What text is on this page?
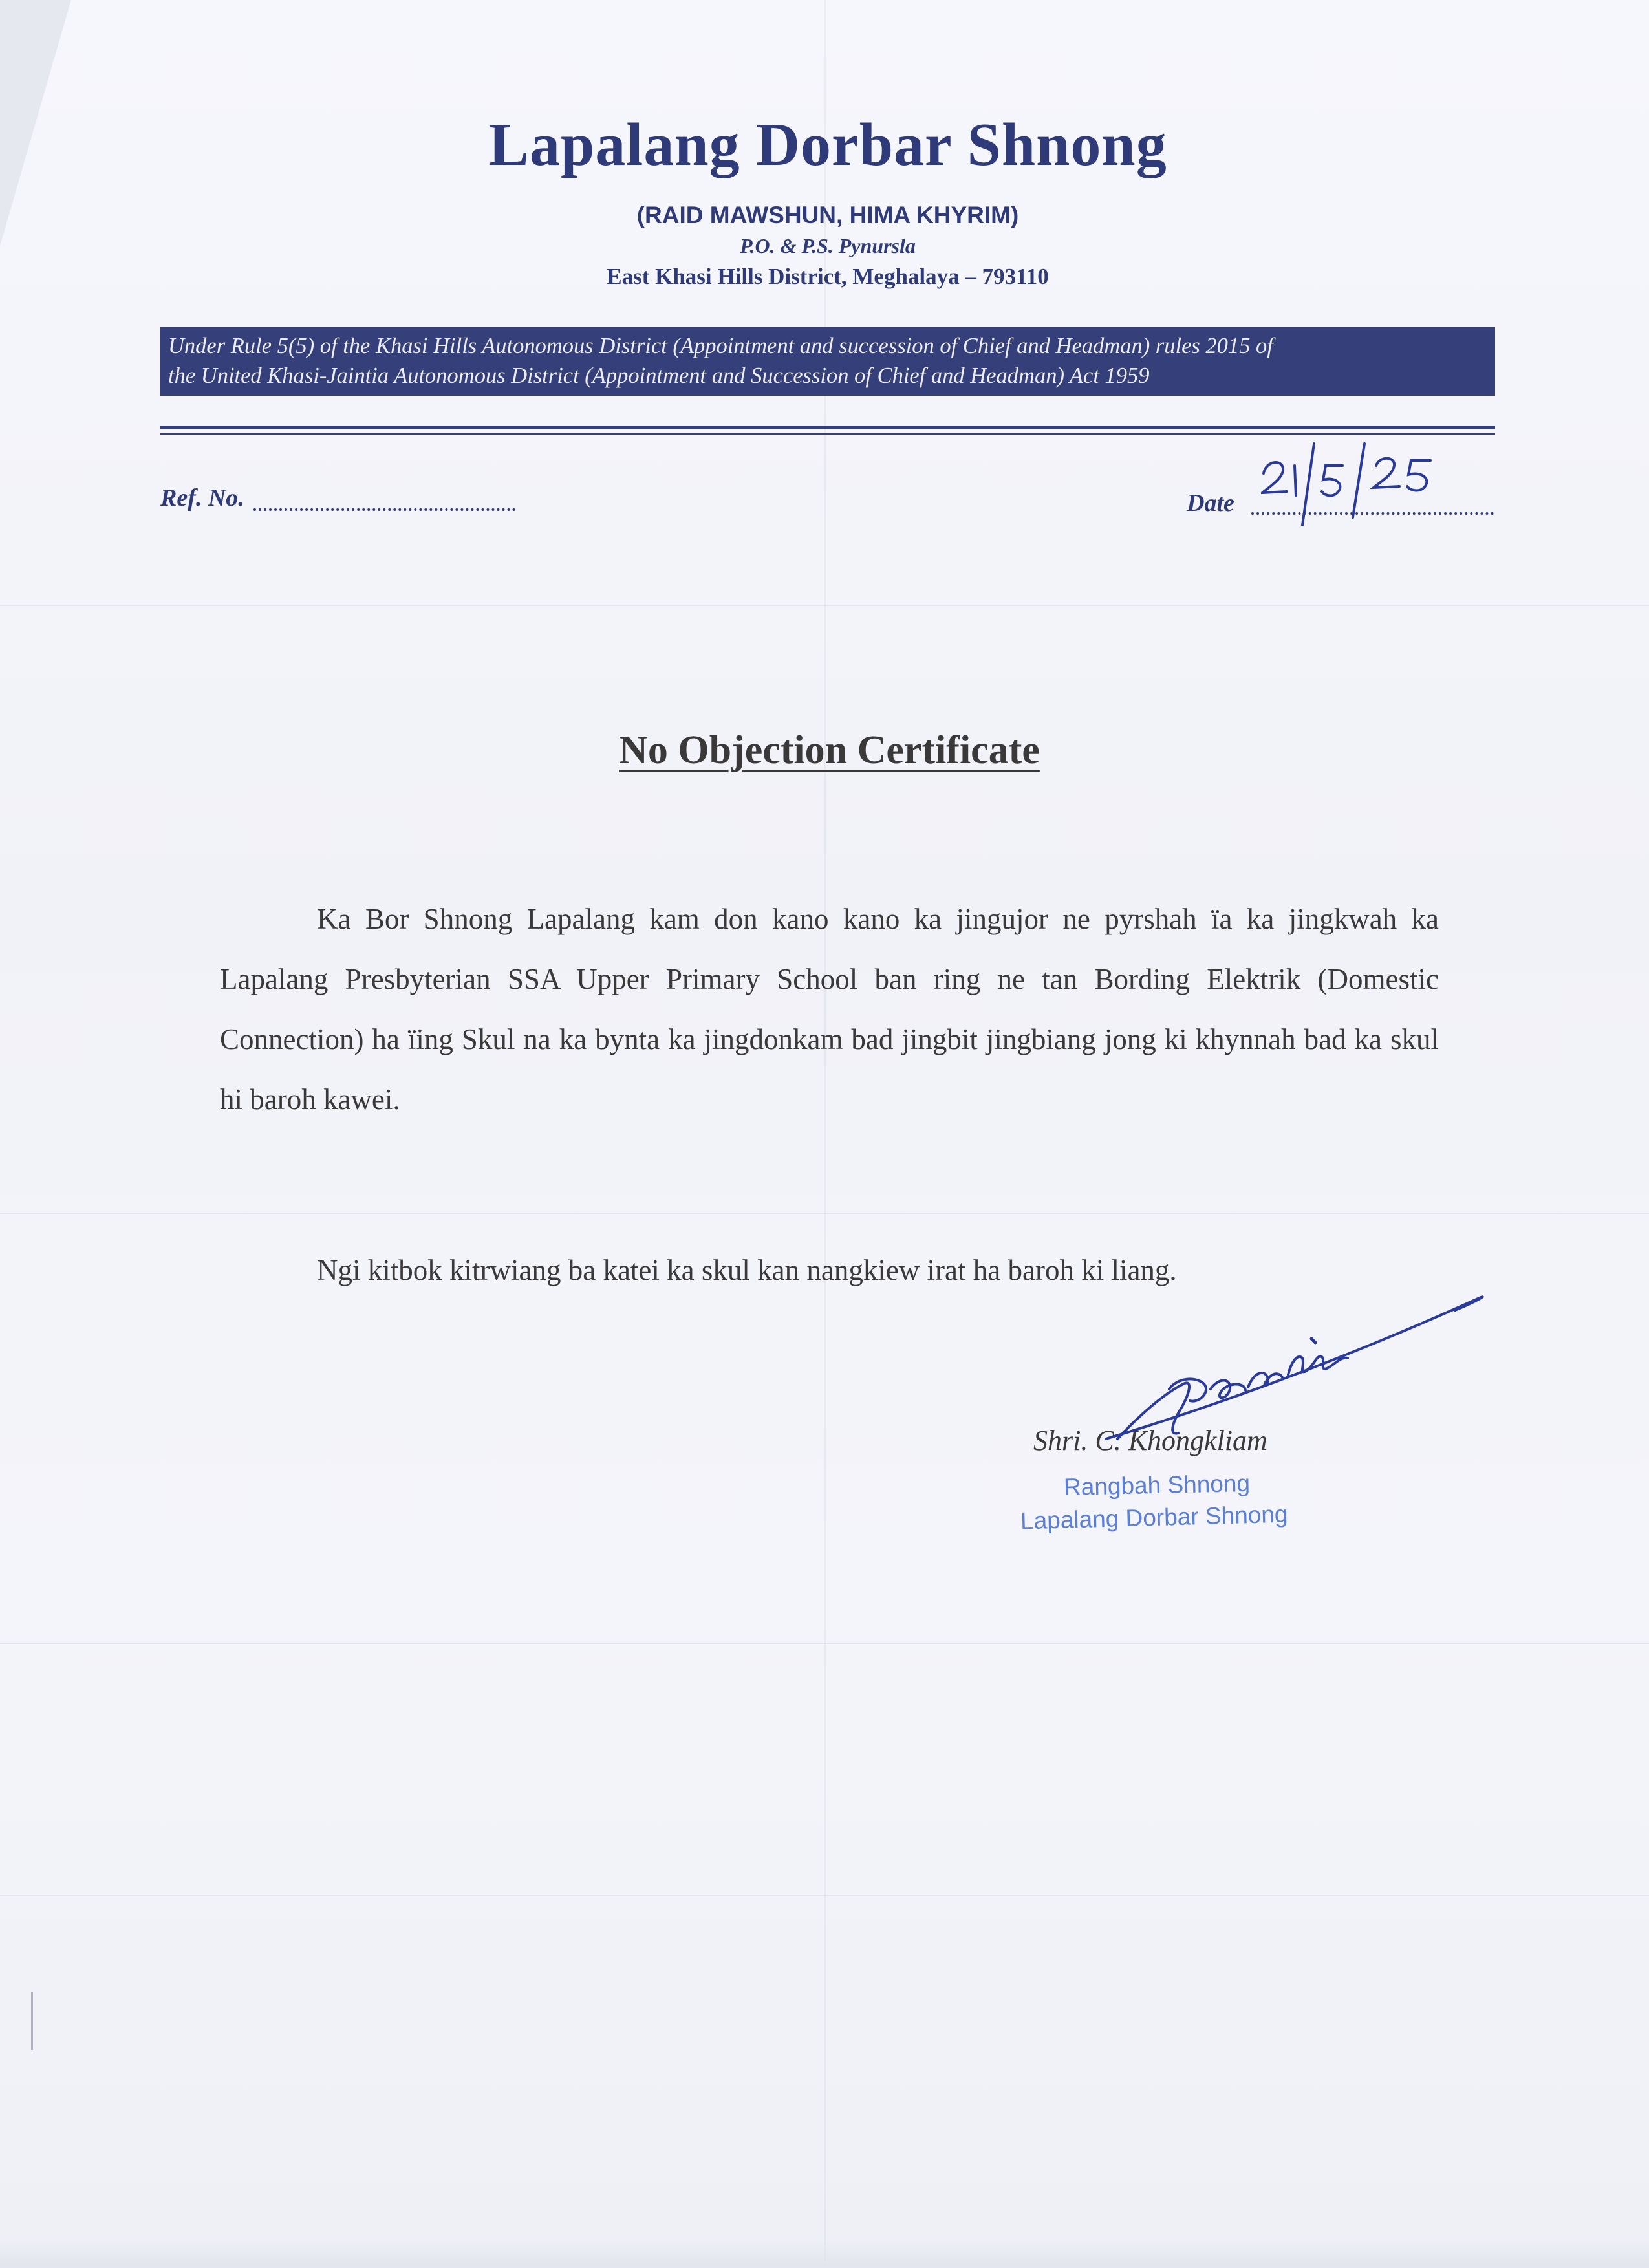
Lapalang Dorbar Shnong
(RAID MAWSHUN, HIMA KHYRIM)
P.O. & P.S. Pynursla
East Khasi Hills District, Meghalaya – 793110
Under Rule 5(5) of the Khasi Hills Autonomous District (Appointment and succession of Chief and Headman) rules 2015 of
the United Khasi-Jaintia Autonomous District (Appointment and Succession of Chief and Headman) Act 1959
Ref. No.	Date
No Objection Certificate

Ka Bor Shnong Lapalang kam don kano kano ka jingujor ne pyrshah ïa ka jingkwah ka Lapalang Presbyterian SSA Upper Primary School ban ring ne tan Bording Elektrik (Domestic Connection) ha ïing Skul na ka bynta ka jingdonkam bad jingbit jingbiang jong ki khynnah bad ka skul hi baroh kawei.

Ngi kitbok kitrwiang ba katei ka skul kan nangkiew irat ha baroh ki liang.
Shri. C. Khongkliam
Rangbah Shnong
Lapalang Dorbar Shnong
